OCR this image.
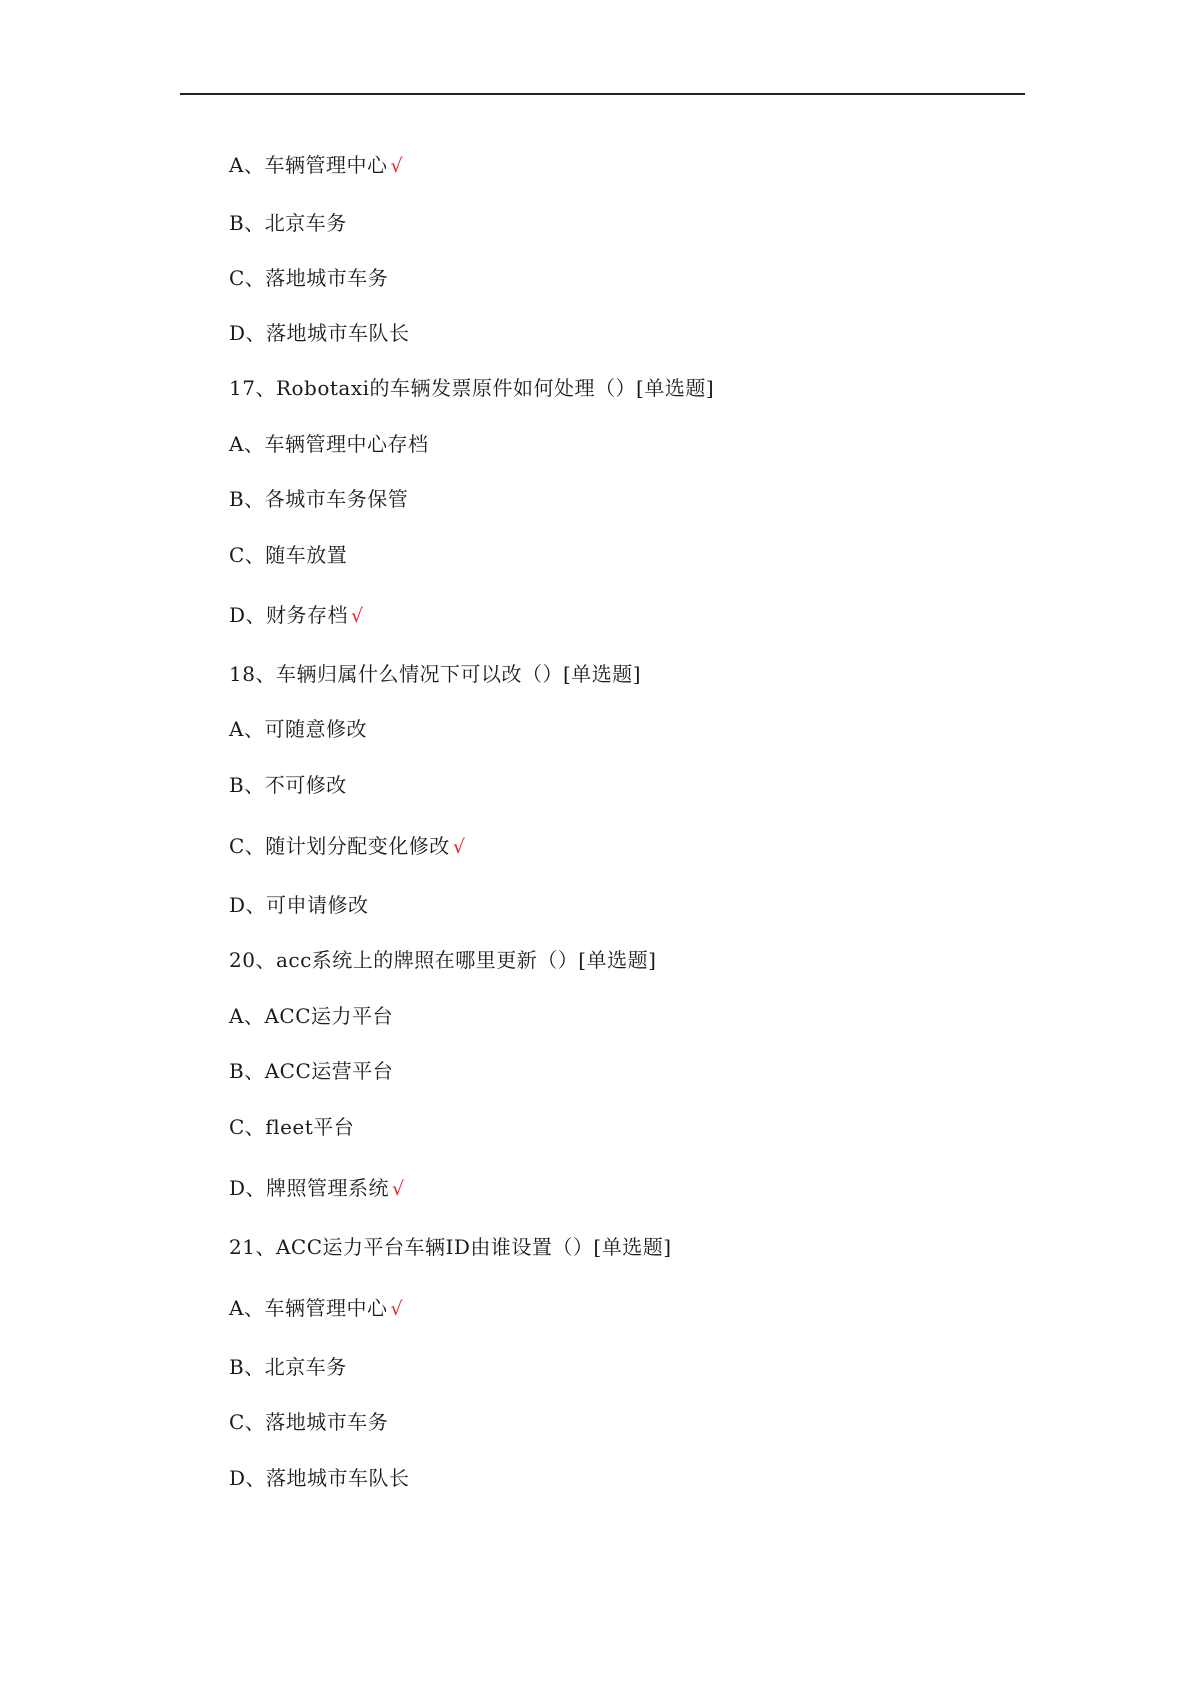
A、车辆管理中心 √
B、北京车务
C、落地城市车务
D、落地城市车队长
17、Robotaxi的车辆发票原件如何处理（）[单选题]
A、车辆管理中心存档
B、各城市车务保管
C、随车放置
D、财务存档 √
18、车辆归属什么情况下可以改（）[单选题]
A、可随意修改
B、不可修改
C、随计划分配变化修改 √
D、可申请修改
20、acc系统上的牌照在哪里更新（）[单选题]
A、ACC运力平台
B、ACC运营平台
C、fleet平台
D、牌照管理系统 √
21、ACC运力平台车辆ID由谁设置（）[单选题]
A、车辆管理中心 √
B、北京车务
C、落地城市车务
D、落地城市车队长
